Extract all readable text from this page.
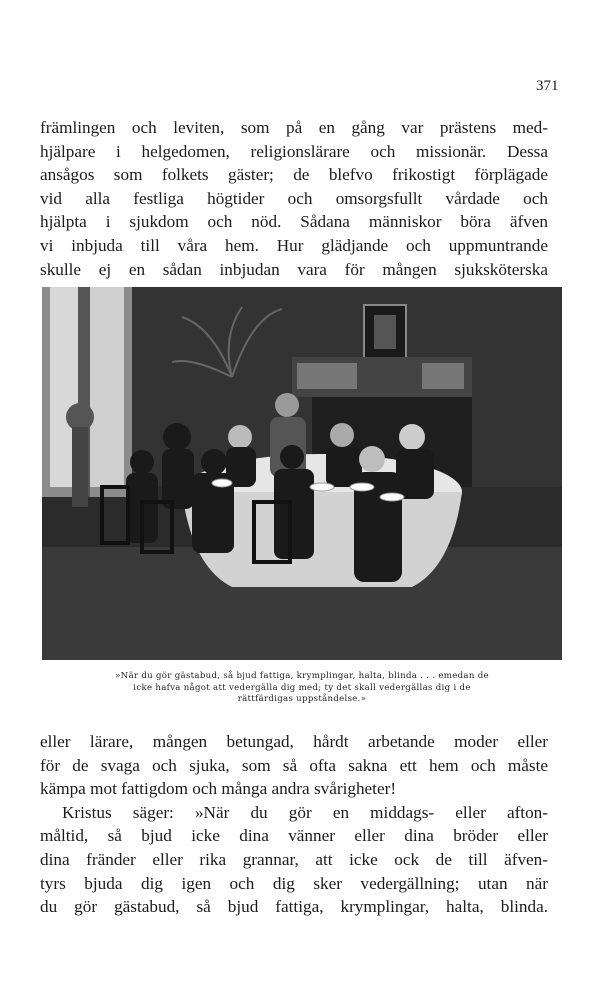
371
främlingen och leviten, som på en gång var prästens med-
hjälpare i helgedomen, religionslärare och missionär. Dessa
ansågos som folkets gäster; de blefvo frikostigt förplägade
vid alla festliga högtider och omsorgsfullt vårdade och
hjälpta i sjukdom och nöd. Sådana människor böra äfven
vi inbjuda till våra hem. Hur glädjande och uppmuntrande
skulle ej en sådan inbjudan vara för mången sjuksköterska
»När du gör gästabud, så bjud fattiga, krymplingar, halta, blinda . . . emedan de
icke hafva något att vedergälla dig med; ty det skall vedergällas dig i de
rättfärdigas uppståndelse.»
eller lärare, mången betungad, hårdt arbetande moder eller
för de svaga och sjuka, som så ofta sakna ett hem och måste
kämpa mot fattigdom och många andra svårigheter!
Kristus säger: »När du gör en middags- eller afton-
måltid, så bjud icke dina vänner eller dina bröder eller
dina fränder eller rika grannar, att icke ock de till äfven-
tyrs bjuda dig igen och dig sker vedergällning; utan när
du gör gästabud, så bjud fattiga, krymplingar, halta, blinda.
